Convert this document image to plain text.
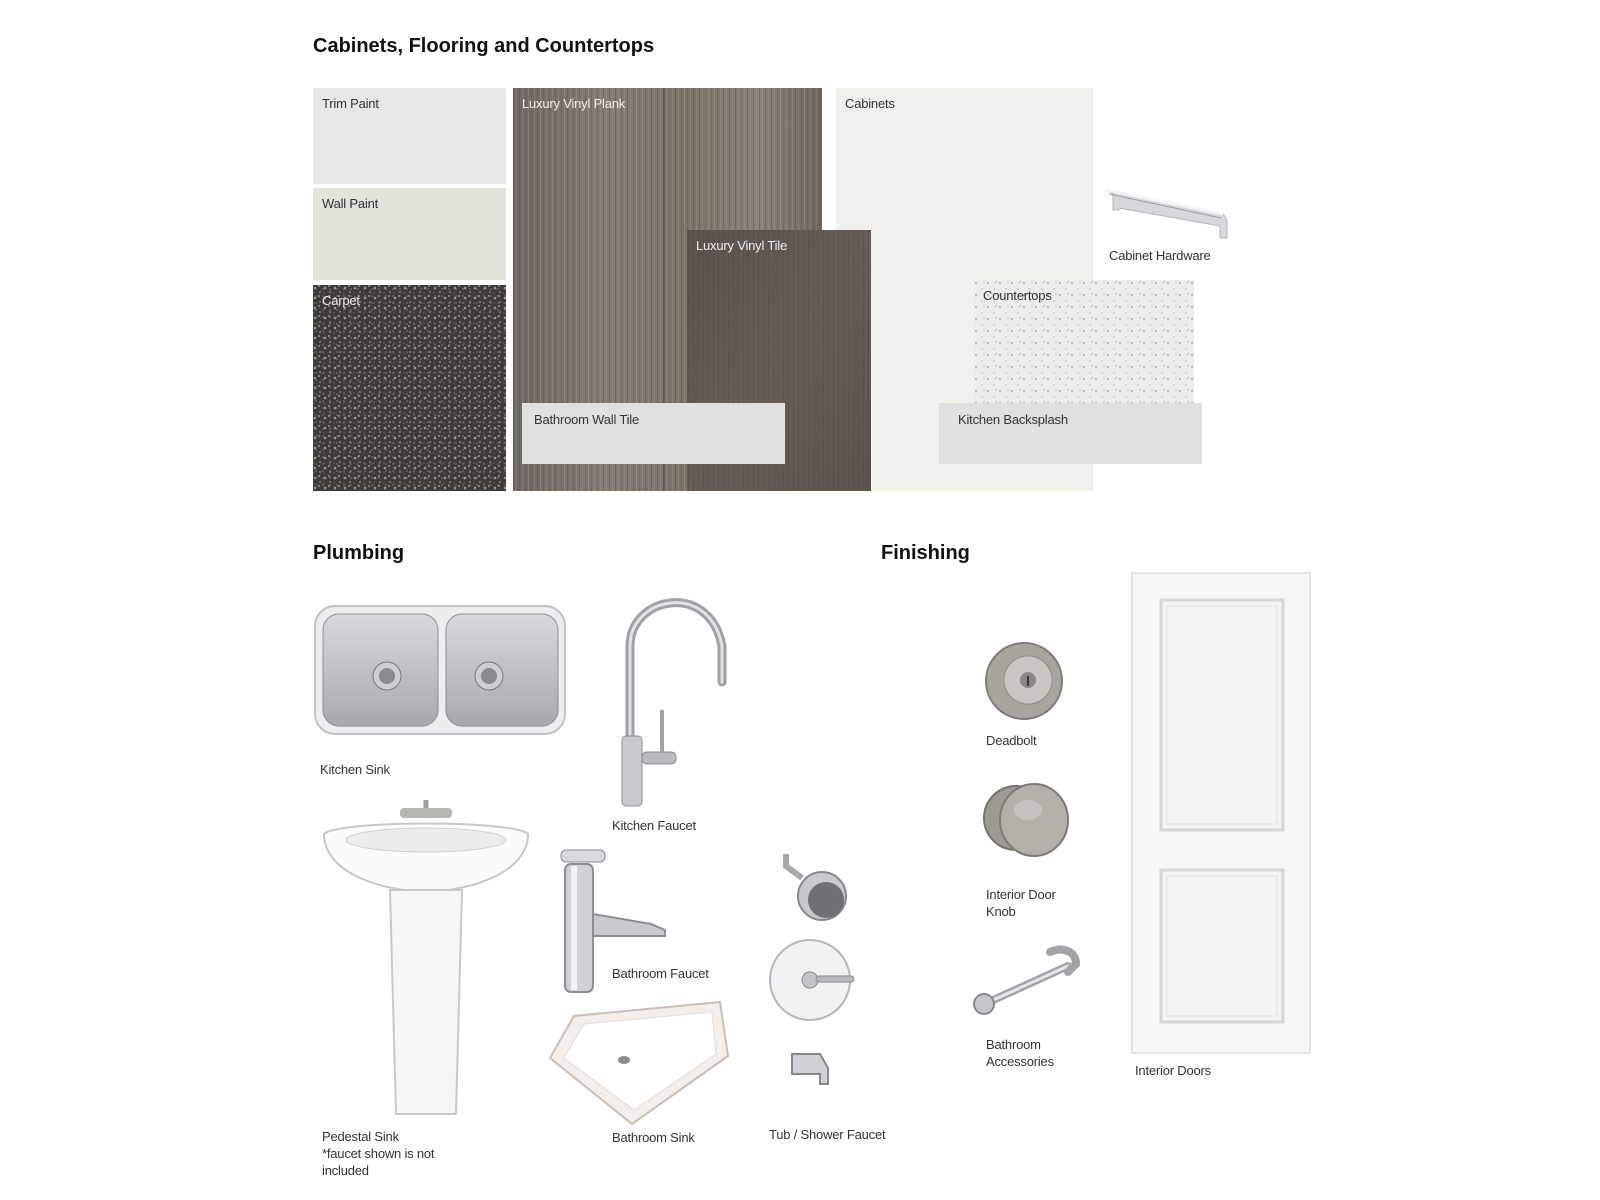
Cabinets, Flooring and Countertops
Trim Paint
Wall Paint
Carpet
Luxury Vinyl Plank	Cabinets
Luxury Vinyl Tile
Cabinet Hardware
Countertops
Bathroom Wall Tile	Kitchen Backsplash
Plumbing
Kitchen Sink
Kitchen Faucet
Pedestal Sink
*faucet shown is not
included
Bathroom Faucet
Bathroom Sink	Tub / Shower Faucet
Finishing
Deadbolt
Interior Door
Knob
Bathroom
Accessories
Interior Doors
